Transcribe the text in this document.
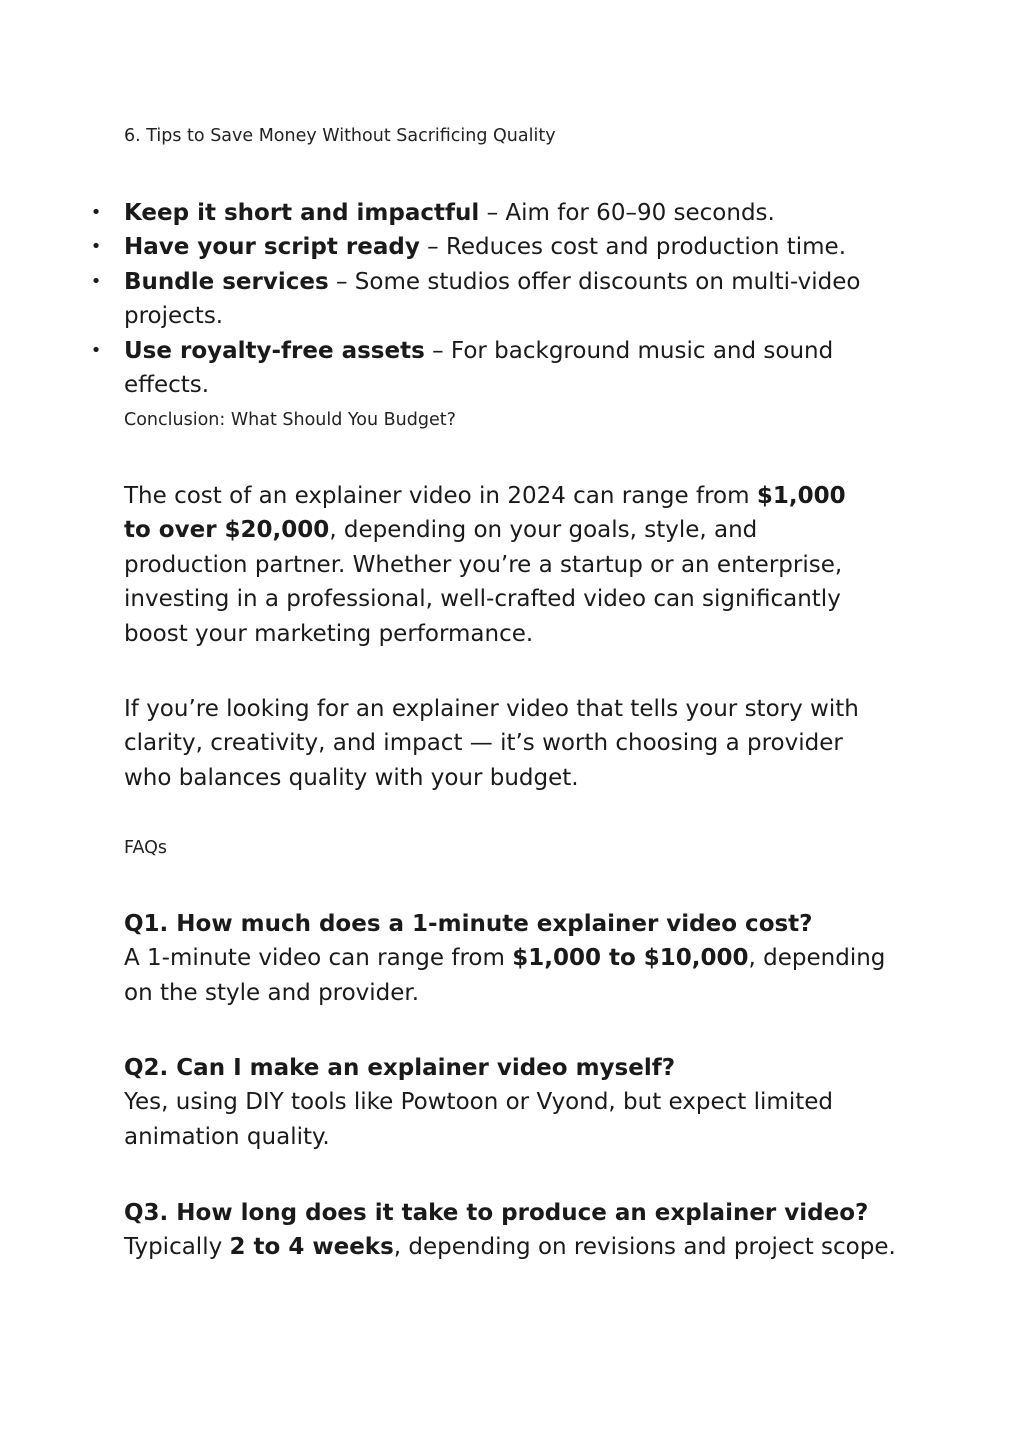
6. Tips to Save Money Without Sacrificing Quality
• Keep it short and impactful – Aim for 60–90 seconds.
• Have your script ready – Reduces cost and production time.
• Bundle services – Some studios offer discounts on multi-video projects.
• Use royalty-free assets – For background music and sound effects.
Conclusion: What Should You Budget?
The cost of an explainer video in 2024 can range from $1,000 to over $20,000, depending on your goals, style, and production partner. Whether you’re a startup or an enterprise, investing in a professional, well-crafted video can significantly boost your marketing performance.
If you’re looking for an explainer video that tells your story with clarity, creativity, and impact — it’s worth choosing a provider who balances quality with your budget.
FAQs
Q1. How much does a 1-minute explainer video cost?
A 1-minute video can range from $1,000 to $10,000, depending on the style and provider.
Q2. Can I make an explainer video myself?
Yes, using DIY tools like Powtoon or Vyond, but expect limited animation quality.
Q3. How long does it take to produce an explainer video?
Typically 2 to 4 weeks, depending on revisions and project scope.
